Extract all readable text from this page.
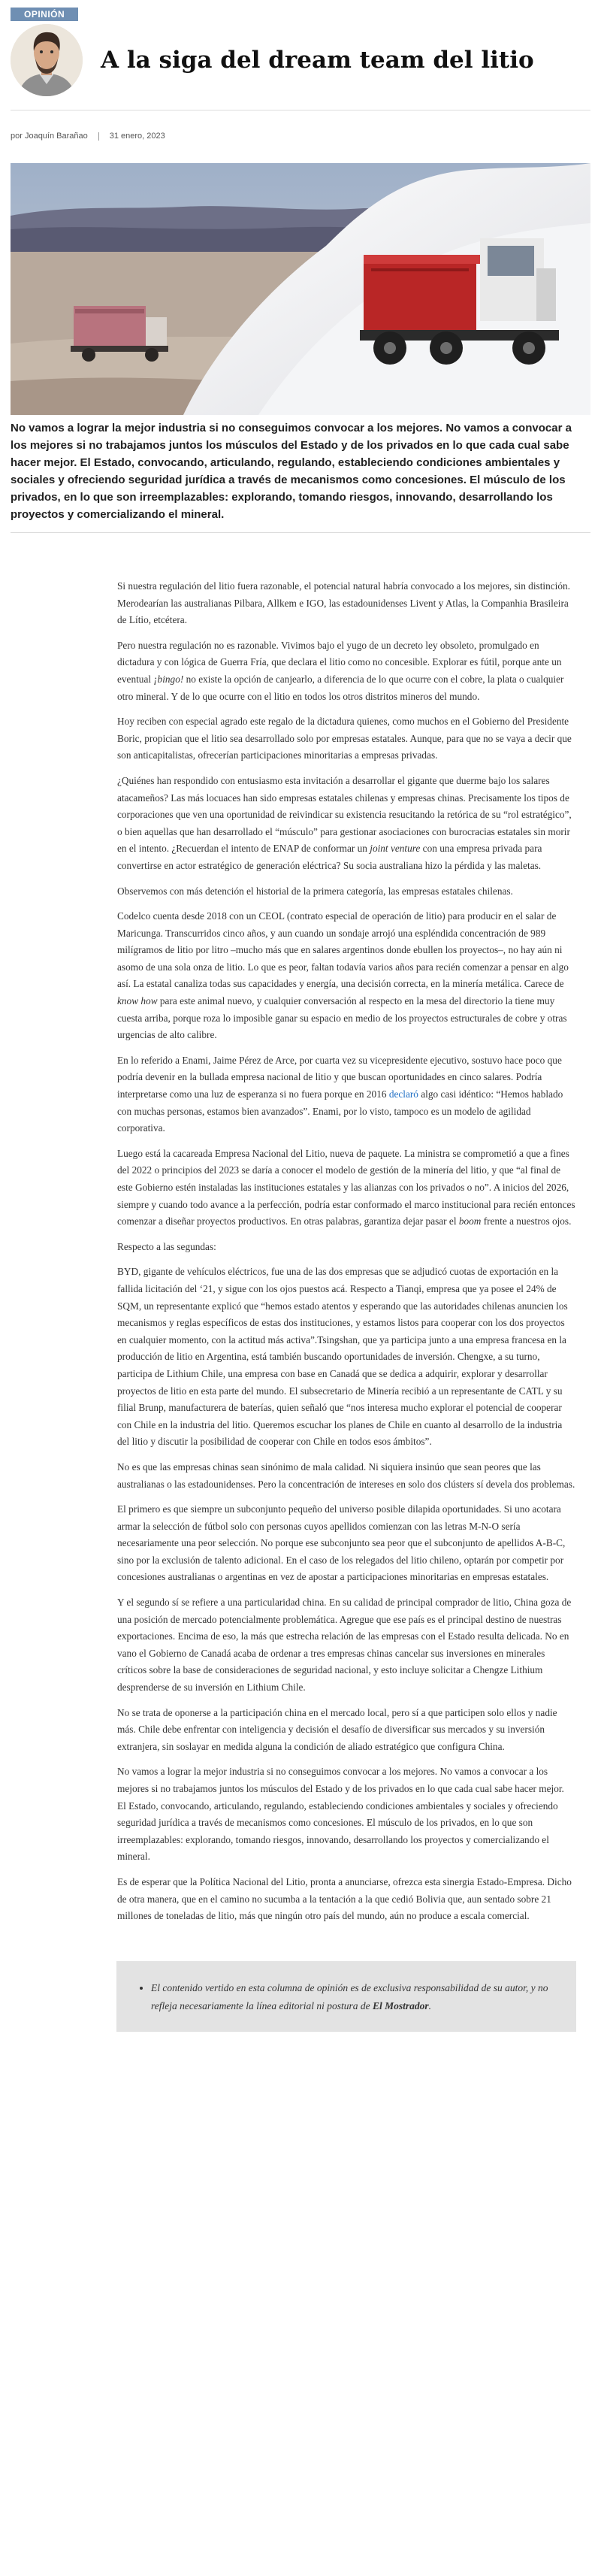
OPINIÓN
A la siga del dream team del litio
por Joaquín Barañao	31 enero, 2023

No vamos a lograr la mejor industria si no conseguimos convocar a los mejores. No vamos a convocar a los mejores si no trabajamos juntos los músculos del Estado y de los privados en lo que cada cual sabe hacer mejor. El Estado, convocando, articulando, regulando, estableciendo condiciones ambientales y sociales y ofreciendo seguridad jurídica a través de mecanismos como concesiones. El músculo de los privados, en lo que son irreemplazables: explorando, tomando riesgos, innovando, desarrollando los proyectos y comercializando el mineral.

Si nuestra regulación del litio fuera razonable, el potencial natural habría convocado a los mejores, sin distinción. Merodearían las australianas Pilbara, Allkem e IGO, las estadounidenses Livent y Atlas, la Companhia Brasileira de Lítio, etcétera.

Pero nuestra regulación no es razonable. Vivimos bajo el yugo de un decreto ley obsoleto, promulgado en dictadura y con lógica de Guerra Fría, que declara el litio como no concesible. Explorar es fútil, porque ante un eventual ¡bingo! no existe la opción de canjearlo, a diferencia de lo que ocurre con el cobre, la plata o cualquier otro mineral. Y de lo que ocurre con el litio en todos los otros distritos mineros del mundo.

Hoy reciben con especial agrado este regalo de la dictadura quienes, como muchos en el Gobierno del Presidente Boric, propician que el litio sea desarrollado solo por empresas estatales. Aunque, para que no se vaya a decir que son anticapitalistas, ofrecerían participaciones minoritarias a empresas privadas.

¿Quiénes han respondido con entusiasmo esta invitación a desarrollar el gigante que duerme bajo los salares atacameños? Las más locuaces han sido empresas estatales chilenas y empresas chinas. Precisamente los tipos de corporaciones que ven una oportunidad de reivindicar su existencia resucitando la retórica de su “rol estratégico”, o bien aquellas que han desarrollado el “músculo” para gestionar asociaciones con burocracias estatales sin morir en el intento. ¿Recuerdan el intento de ENAP de conformar un joint venture con una empresa privada para convertirse en actor estratégico de generación eléctrica? Su socia australiana hizo la pérdida y las maletas.

Observemos con más detención el historial de la primera categoría, las empresas estatales chilenas.

Codelco cuenta desde 2018 con un CEOL (contrato especial de operación de litio) para producir en el salar de Maricunga. Transcurridos cinco años, y aun cuando un sondaje arrojó una espléndida concentración de 989 milígramos de litio por litro –mucho más que en salares argentinos donde ebullen los proyectos–, no hay aún ni asomo de una sola onza de litio. Lo que es peor, faltan todavía varios años para recién comenzar a pensar en algo así. La estatal canaliza todas sus capacidades y energía, una decisión correcta, en la minería metálica. Carece de know how para este animal nuevo, y cualquier conversación al respecto en la mesa del directorio la tiene muy cuesta arriba, porque roza lo imposible ganar su espacio en medio de los proyectos estructurales de cobre y otras urgencias de alto calibre.

En lo referido a Enami, Jaime Pérez de Arce, por cuarta vez su vicepresidente ejecutivo, sostuvo hace poco que podría devenir en la bullada empresa nacional de litio y que buscan oportunidades en cinco salares. Podría interpretarse como una luz de esperanza si no fuera porque en 2016 declaró algo casi idéntico: “Hemos hablado con muchas personas, estamos bien avanzados”. Enami, por lo visto, tampoco es un modelo de agilidad corporativa.

Luego está la cacareada Empresa Nacional del Litio, nueva de paquete. La ministra se comprometió a que a fines del 2022 o principios del 2023 se daría a conocer el modelo de gestión de la minería del litio, y que “al final de este Gobierno estén instaladas las instituciones estatales y las alianzas con los privados o no”. A inicios del 2026, siempre y cuando todo avance a la perfección, podría estar conformado el marco institucional para recién entonces comenzar a diseñar proyectos productivos. En otras palabras, garantiza dejar pasar el boom frente a nuestros ojos.

Respecto a las segundas:

BYD, gigante de vehículos eléctricos, fue una de las dos empresas que se adjudicó cuotas de exportación en la fallida licitación del ‘21, y sigue con los ojos puestos acá. Respecto a Tianqi, empresa que ya posee el 24% de SQM, un representante explicó que “hemos estado atentos y esperando que las autoridades chilenas anuncien los mecanismos y reglas específicos de estas dos instituciones, y estamos listos para cooperar con los dos proyectos en cualquier momento, con la actitud más activa”.Tsingshan, que ya participa junto a una empresa francesa en la producción de litio en Argentina, está también buscando oportunidades de inversión. Chengxe, a su turno, participa de Lithium Chile, una empresa con base en Canadá que se dedica a adquirir, explorar y desarrollar proyectos de litio en esta parte del mundo. El subsecretario de Minería recibió a un representante de CATL y su filial Brunp, manufacturera de baterías, quien señaló que “nos interesa mucho explorar el potencial de cooperar con Chile en la industria del litio. Queremos escuchar los planes de Chile en cuanto al desarrollo de la industria del litio y discutir la posibilidad de cooperar con Chile en todos esos ámbitos”.

No es que las empresas chinas sean sinónimo de mala calidad. Ni siquiera insinúo que sean peores que las australianas o las estadounidenses. Pero la concentración de intereses en solo dos clústers sí devela dos problemas.

El primero es que siempre un subconjunto pequeño del universo posible dilapida oportunidades. Si uno acotara armar la selección de fútbol solo con personas cuyos apellidos comienzan con las letras M-N-O sería necesariamente una peor selección. No porque ese subconjunto sea peor que el subconjunto de apellidos A-B-C, sino por la exclusión de talento adicional. En el caso de los relegados del litio chileno, optarán por competir por concesiones australianas o argentinas en vez de apostar a participaciones minoritarias en empresas estatales.

Y el segundo sí se refiere a una particularidad china. En su calidad de principal comprador de litio, China goza de una posición de mercado potencialmente problemática. Agregue que ese país es el principal destino de nuestras exportaciones. Encima de eso, la más que estrecha relación de las empresas con el Estado resulta delicada. No en vano el Gobierno de Canadá acaba de ordenar a tres empresas chinas cancelar sus inversiones en minerales críticos sobre la base de consideraciones de seguridad nacional, y esto incluye solicitar a Chengze Lithium desprenderse de su inversión en Lithium Chile.

No se trata de oponerse a la participación china en el mercado local, pero sí a que participen solo ellos y nadie más. Chile debe enfrentar con inteligencia y decisión el desafío de diversificar sus mercados y su inversión extranjera, sin soslayar en medida alguna la condición de aliado estratégico que configura China.

No vamos a lograr la mejor industria si no conseguimos convocar a los mejores. No vamos a convocar a los mejores si no trabajamos juntos los músculos del Estado y de los privados en lo que cada cual sabe hacer mejor. El Estado, convocando, articulando, regulando, estableciendo condiciones ambientales y sociales y ofreciendo seguridad jurídica a través de mecanismos como concesiones. El músculo de los privados, en lo que son irreemplazables: explorando, tomando riesgos, innovando, desarrollando los proyectos y comercializando el mineral.

Es de esperar que la Política Nacional del Litio, pronta a anunciarse, ofrezca esta sinergia Estado-Empresa. Dicho de otra manera, que en el camino no sucumba a la tentación a la que cedió Bolivia que, aun sentado sobre 21 millones de toneladas de litio, más que ningún otro país del mundo, aún no produce a escala comercial.

• El contenido vertido en esta columna de opinión es de exclusiva responsabilidad de su autor, y no refleja necesariamente la línea editorial ni postura de El Mostrador.
